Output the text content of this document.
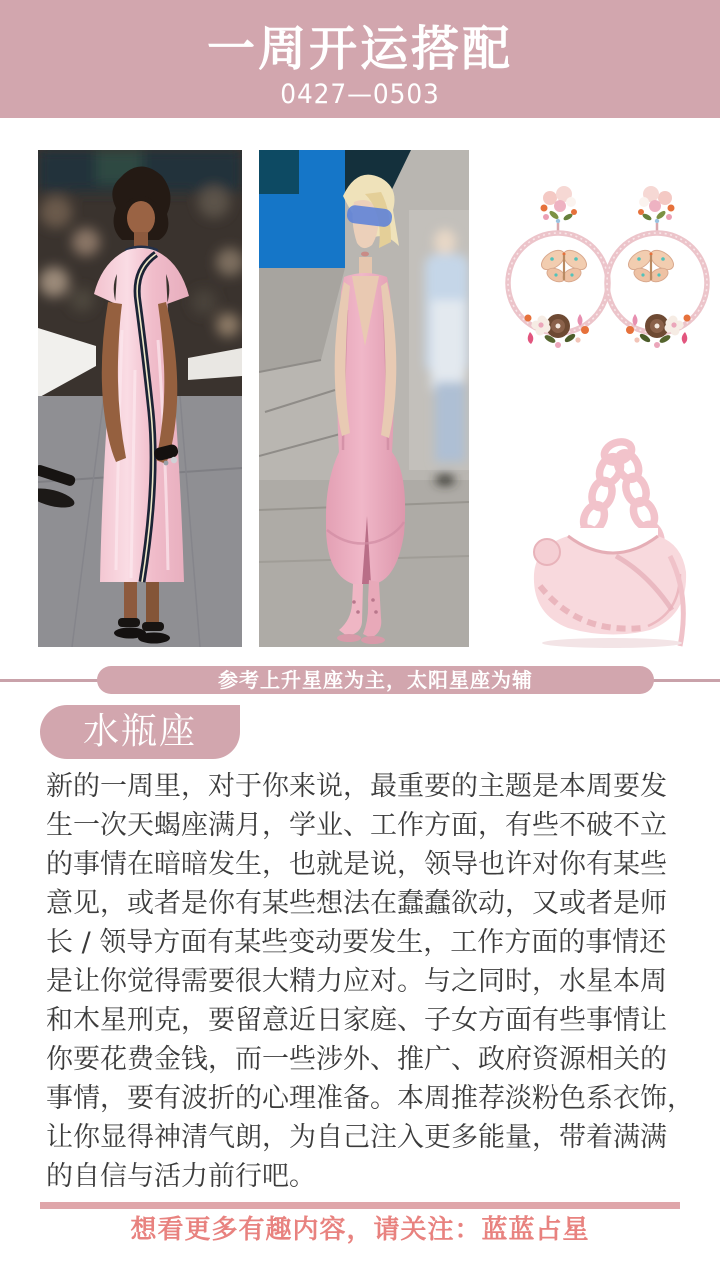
一周开运搭配
0427—0503
参考上升星座为主，太阳星座为辅
水瓶座
新的一周里，对于你来说，最重要的主题是本周要发
生一次天蝎座满月，学业、工作方面，有些不破不立
的事情在暗暗发生，也就是说，领导也许对你有某些
意见，或者是你有某些想法在蠢蠢欲动，又或者是师
长 / 领导方面有某些变动要发生，工作方面的事情还
是让你觉得需要很大精力应对。与之同时，水星本周
和木星刑克，要留意近日家庭、子女方面有些事情让
你要花费金钱，而一些涉外、推广、政府资源相关的
事情，要有波折的心理准备。本周推荐淡粉色系衣饰，
让你显得神清气朗，为自己注入更多能量，带着满满
的自信与活力前行吧。
想看更多有趣内容，请关注：蓝蓝占星
